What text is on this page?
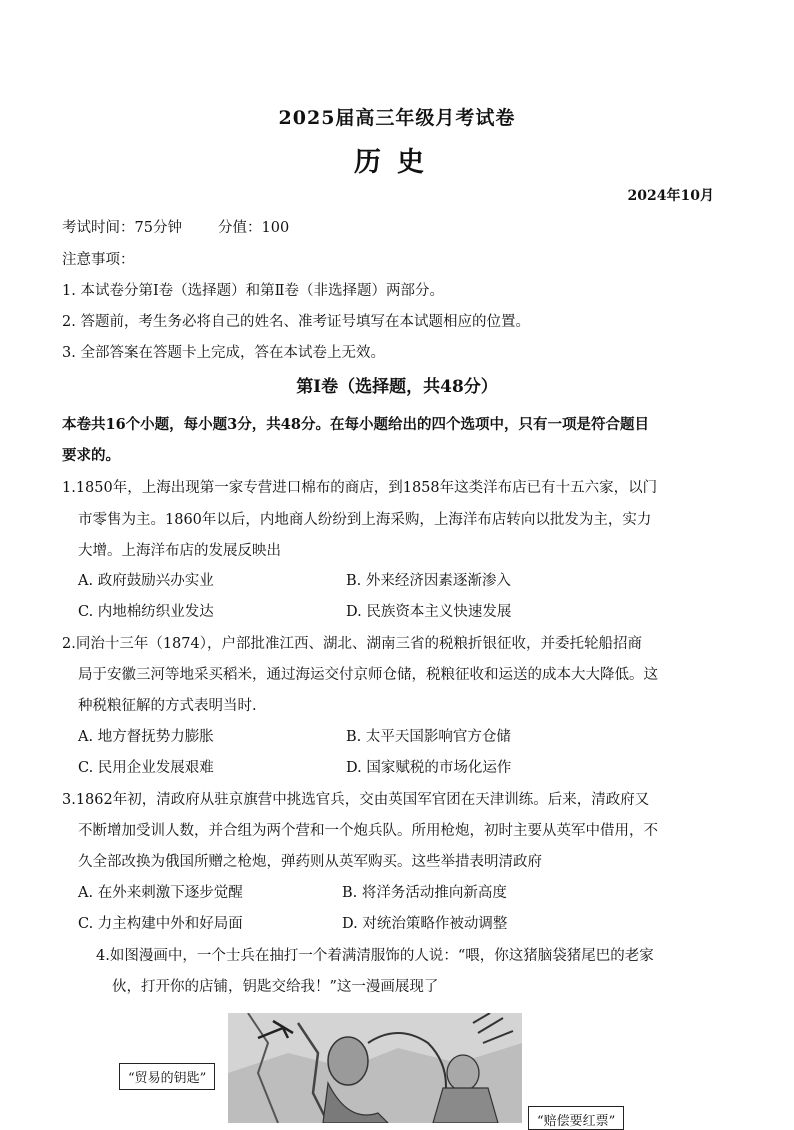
2025届高三年级月考试卷
历史
2024年10月
考试时间：75分钟 分值：100
注意事项：
1. 本试卷分第Ⅰ卷（选择题）和第Ⅱ卷（非选择题）两部分。
2. 答题前，考生务必将自己的姓名、准考证号填写在本试题相应的位置。
3. 全部答案在答题卡上完成，答在本试卷上无效。
第Ⅰ卷（选择题，共48分）
本卷共16个小题，每小题3分，共48分。在每小题给出的四个选项中，只有一项是符合题目
要求的。
1.1850年，上海出现第一家专营进口棉布的商店，到1858年这类洋布店已有十五六家，以门
市零售为主。1860年以后，内地商人纷纷到上海采购，上海洋布店转向以批发为主，实力
大增。上海洋布店的发展反映出
A. 政府鼓励兴办实业	B. 外来经济因素逐渐渗入
C. 内地棉纺织业发达	D. 民族资本主义快速发展
2.同治十三年（1874），户部批准江西、湖北、湖南三省的税粮折银征收，并委托轮船招商
局于安徽三河等地采买稻米，通过海运交付京师仓储，税粮征收和运送的成本大大降低。这
种税粮征解的方式表明当时.
A. 地方督抚势力膨胀	B. 太平天国影响官方仓储
C. 民用企业发展艰难	D. 国家赋税的市场化运作
3.1862年初，清政府从驻京旗营中挑选官兵，交由英国军官团在天津训练。后来，清政府又
不断增加受训人数，并合组为两个营和一个炮兵队。所用枪炮，初时主要从英军中借用，不
久全部改换为俄国所赠之枪炮，弹药则从英军购买。这些举措表明清政府
A. 在外来刺激下逐步觉醒	B. 将洋务活动推向新高度
C. 力主构建中外和好局面	D. 对统治策略作被动调整
4.如图漫画中，一个士兵在抽打一个着满清服饰的人说：“喂，你这猪脑袋猪尾巴的老家
伙，打开你的店铺，钥匙交给我！”这一漫画展现了
“贸易的钥匙”
“赔偿要红票”
